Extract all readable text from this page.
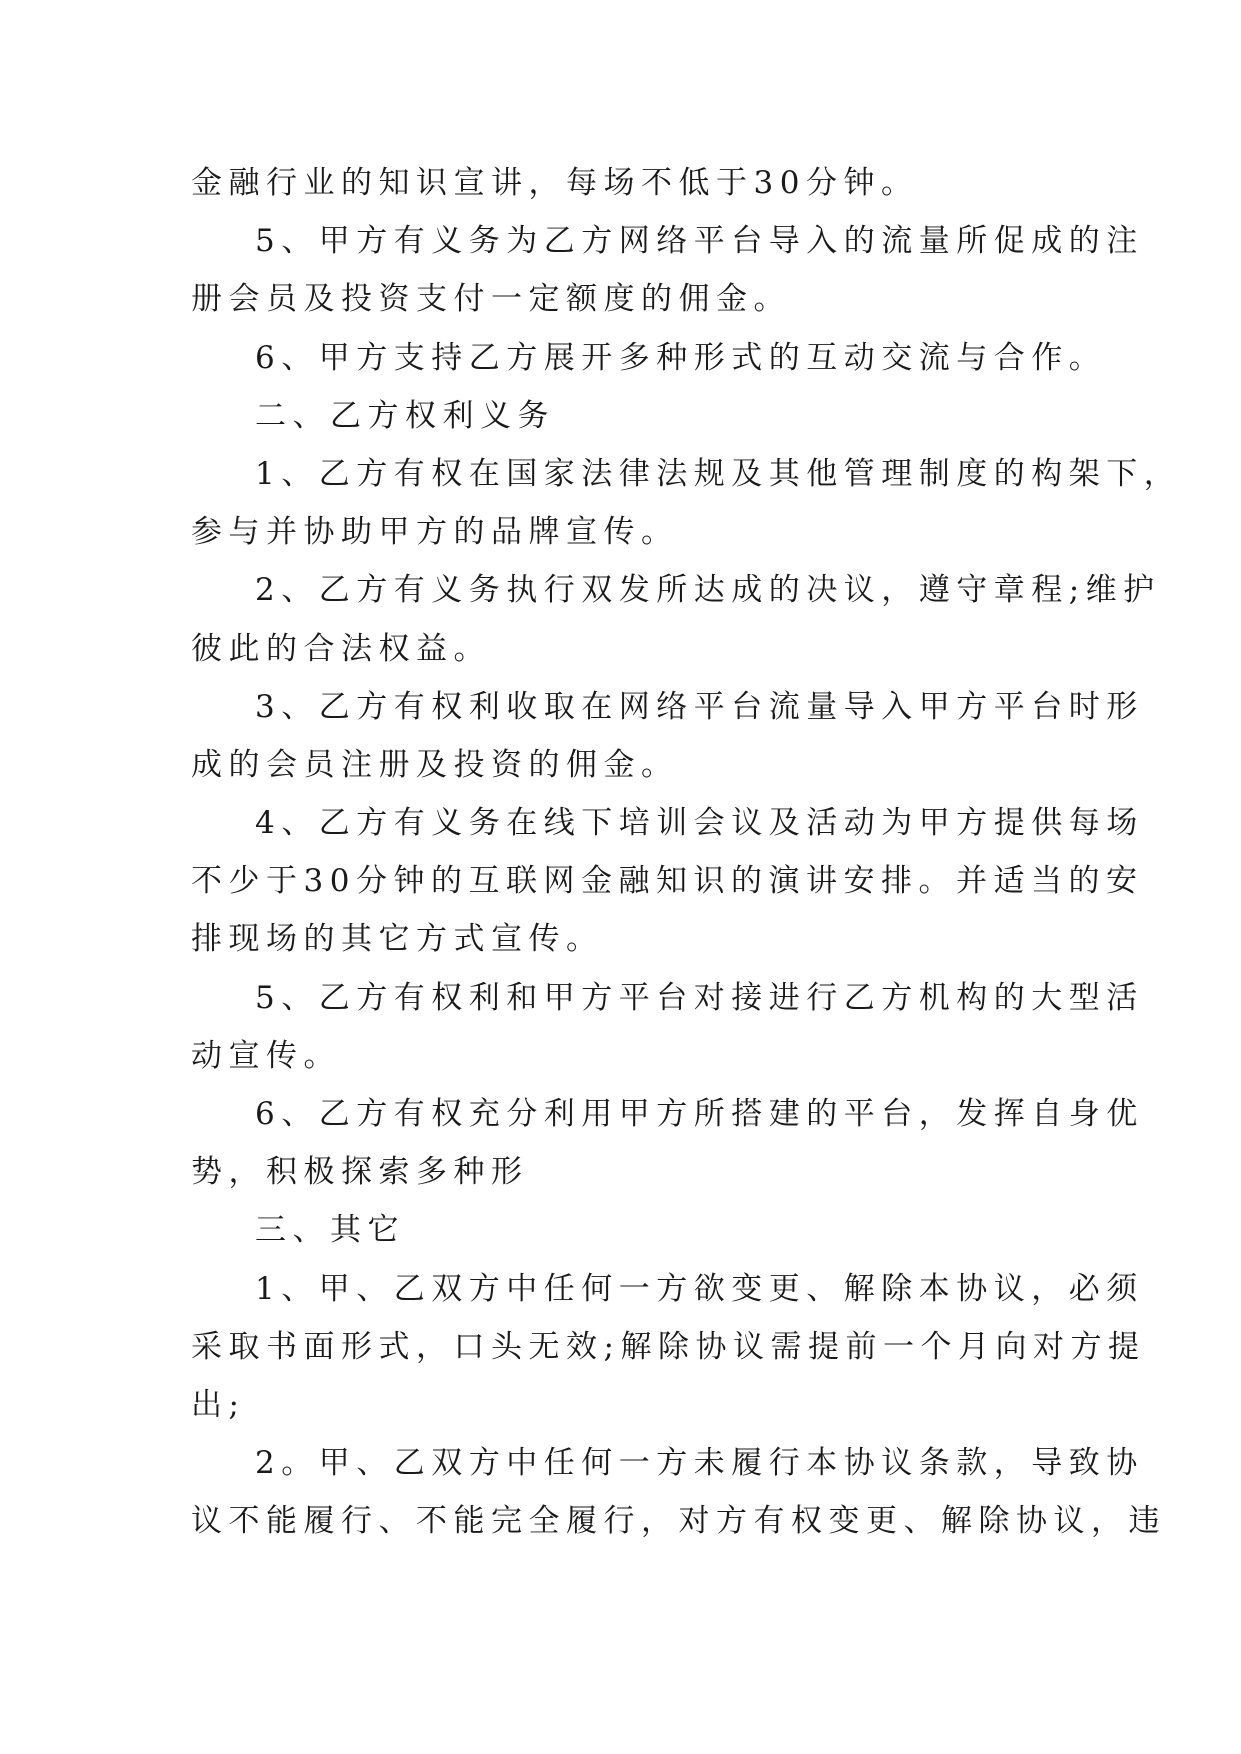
金融行业的知识宣讲，每场不低于30分钟。
5、甲方有义务为乙方网络平台导入的流量所促成的注
册会员及投资支付一定额度的佣金。
6、甲方支持乙方展开多种形式的互动交流与合作。
二、乙方权利义务
1、乙方有权在国家法律法规及其他管理制度的构架下，
参与并协助甲方的品牌宣传。
2、乙方有义务执行双发所达成的决议，遵守章程;维护
彼此的合法权益。
3、乙方有权利收取在网络平台流量导入甲方平台时形
成的会员注册及投资的佣金。
4、乙方有义务在线下培训会议及活动为甲方提供每场
不少于30分钟的互联网金融知识的演讲安排。并适当的安
排现场的其它方式宣传。
5、乙方有权利和甲方平台对接进行乙方机构的大型活
动宣传。
6、乙方有权充分利用甲方所搭建的平台，发挥自身优
势，积极探索多种形
三、其它
1、甲、乙双方中任何一方欲变更、解除本协议，必须
采取书面形式，口头无效;解除协议需提前一个月向对方提
出;
2。甲、乙双方中任何一方未履行本协议条款，导致协
议不能履行、不能完全履行，对方有权变更、解除协议，违
